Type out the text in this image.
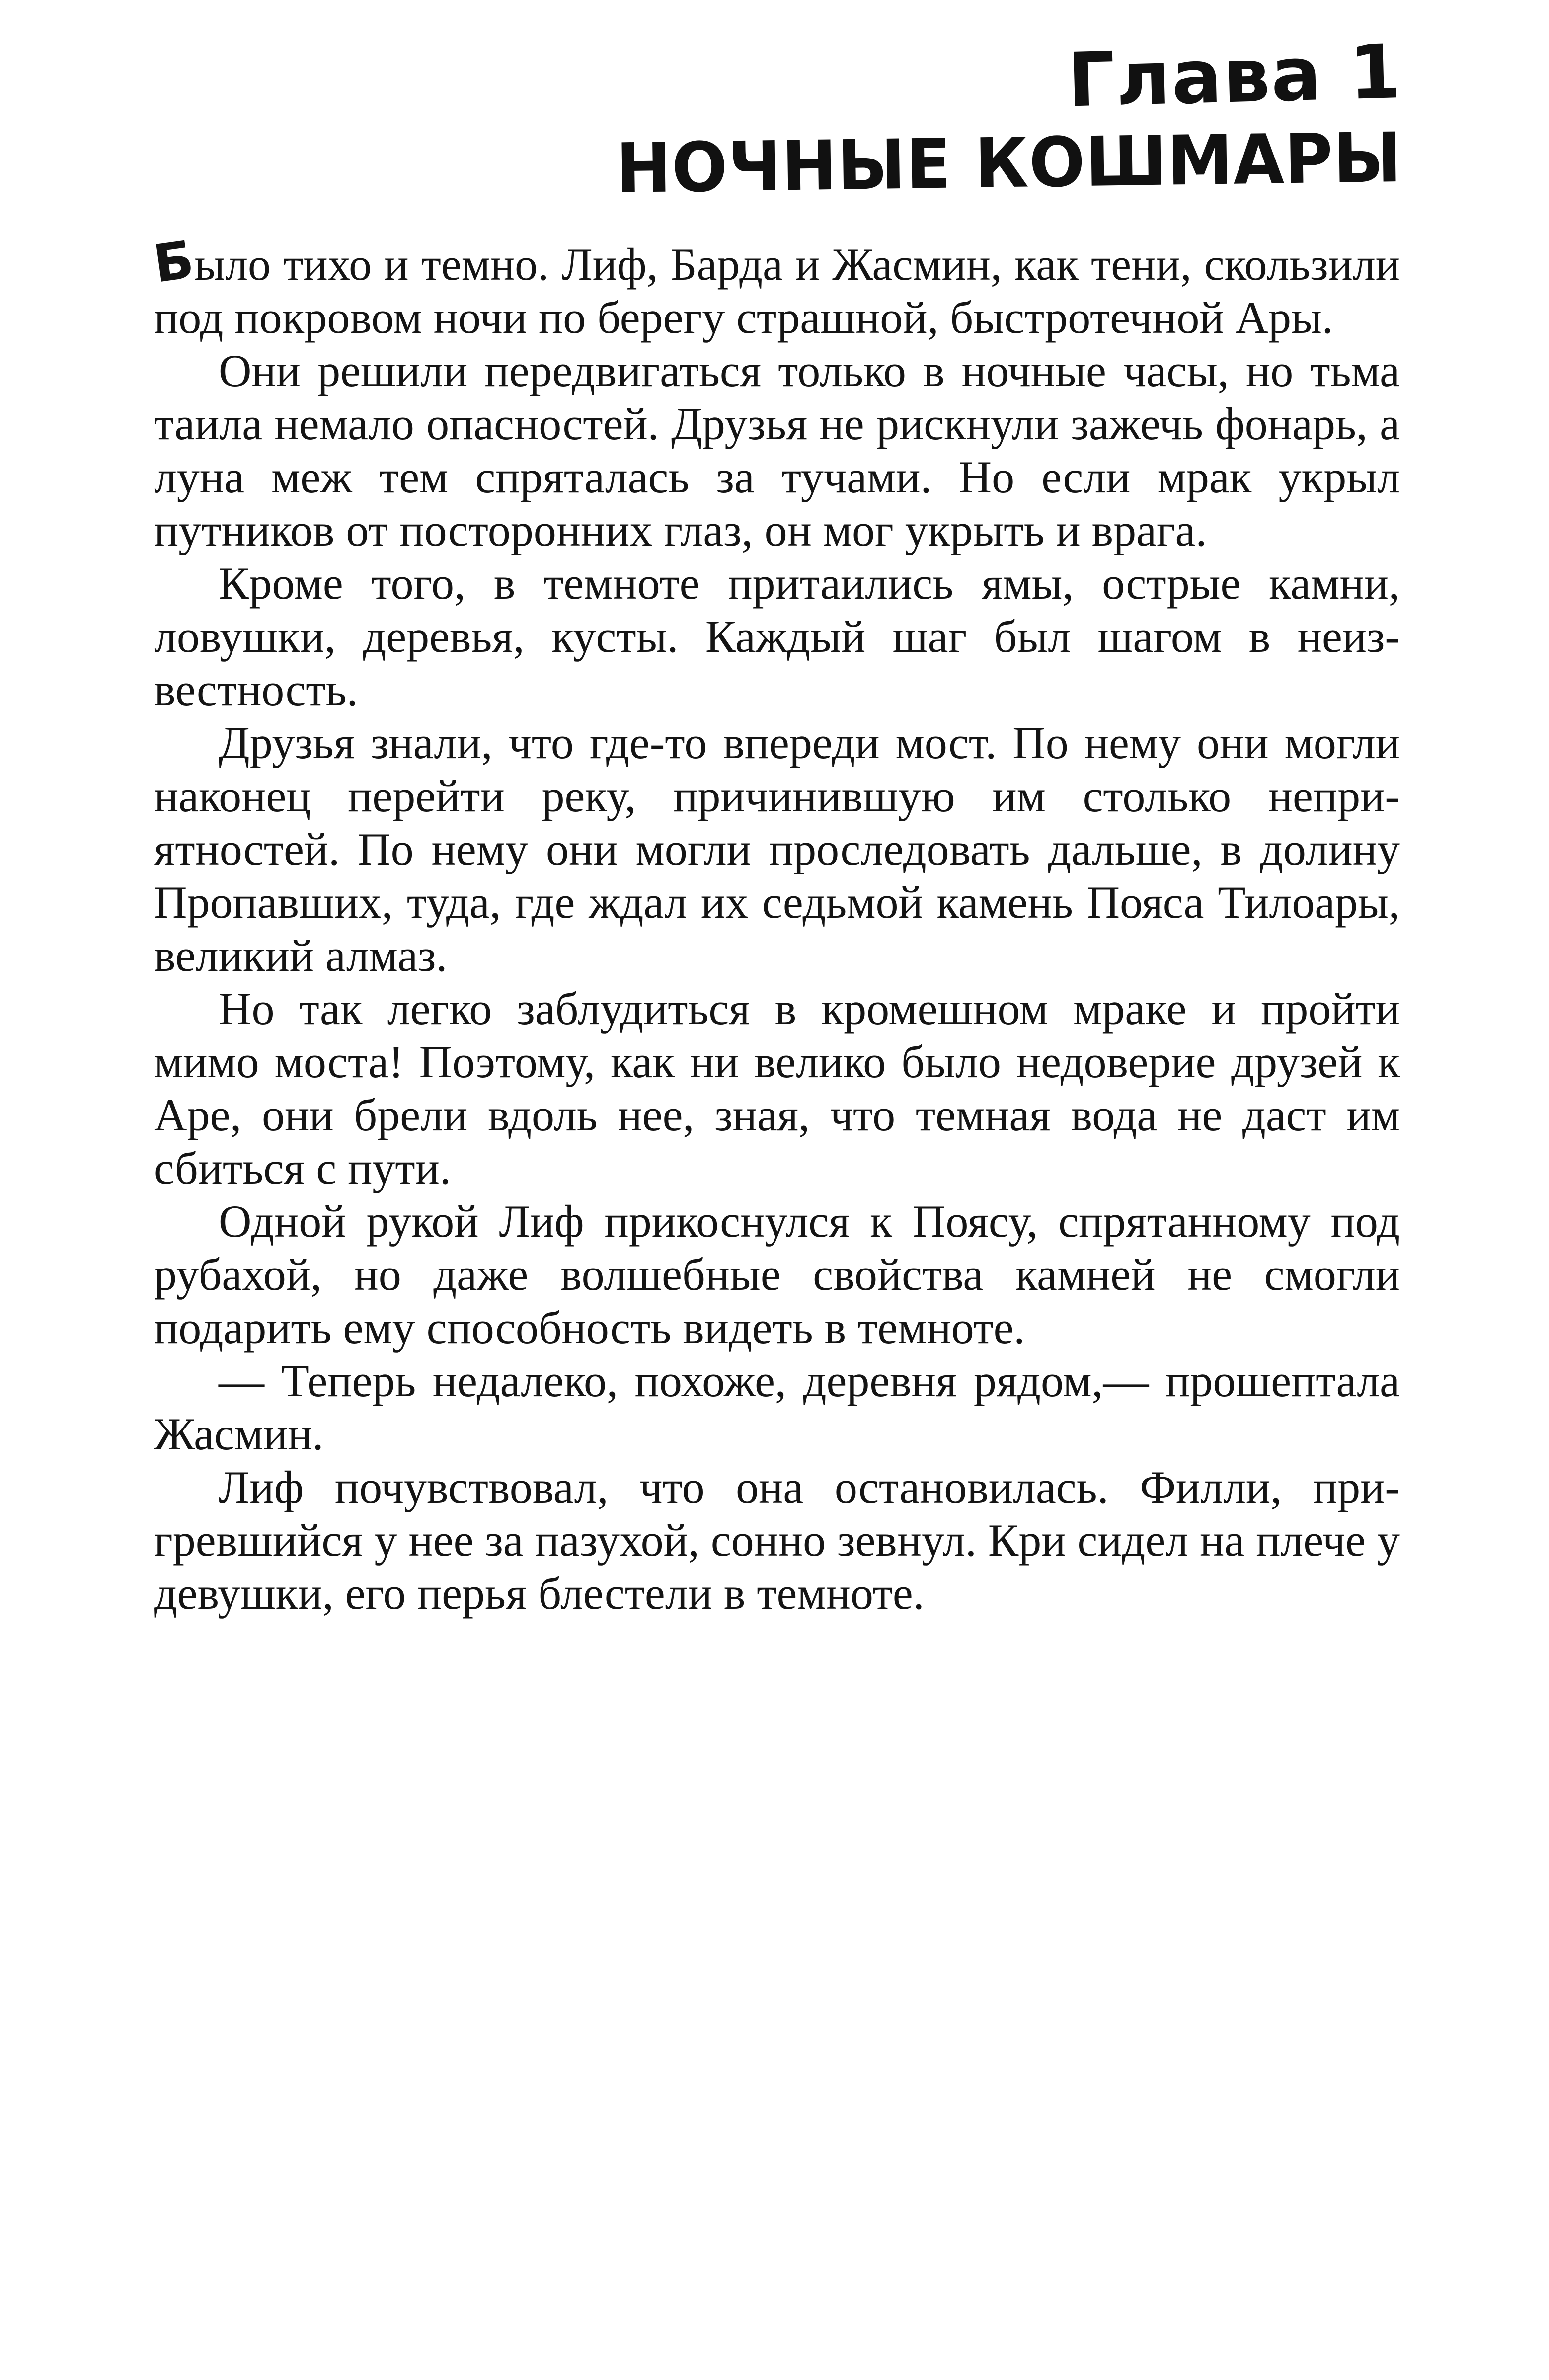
Глава 1
НОЧНЫЕ КОШМАРЫ

Было тихо и темно. Лиф, Барда и Жасмин, как тени, скользили под покровом ночи по берегу страшной, быстротечной Ары.

Они решили передвигаться только в ночные часы, но тьма таила немало опасностей. Друзья не рискнули зажечь фонарь, а луна меж тем спряталась за тучами. Но если мрак укрыл путников от посторонних глаз, он мог укрыть и врага.

Кроме того, в темноте притаились ямы, острые камни, ловушки, деревья, кусты. Каждый шаг был шагом в неизвестность.

Друзья знали, что где-то впереди мост. По нему они могли наконец перейти реку, причинившую им столько неприятностей. По нему они могли проследовать дальше, в долину Пропавших, туда, где ждал их седьмой камень Пояса Тилоары, великий алмаз.

Но так легко заблудиться в кромешном мраке и пройти мимо моста! Поэтому, как ни велико было недоверие друзей к Аре, они брели вдоль нее, зная, что темная вода не даст им сбиться с пути.

Одной рукой Лиф прикоснулся к Поясу, спрятанному под рубахой, но даже волшебные свойства камней не смогли подарить ему способность видеть в темноте.

— Теперь недалеко, похоже, деревня рядом,— прошептала Жасмин.

Лиф почувствовал, что она остановилась. Филли, пригревшийся у нее за пазухой, сонно зевнул. Кри сидел на плече у девушки, его перья блестели в темноте.
